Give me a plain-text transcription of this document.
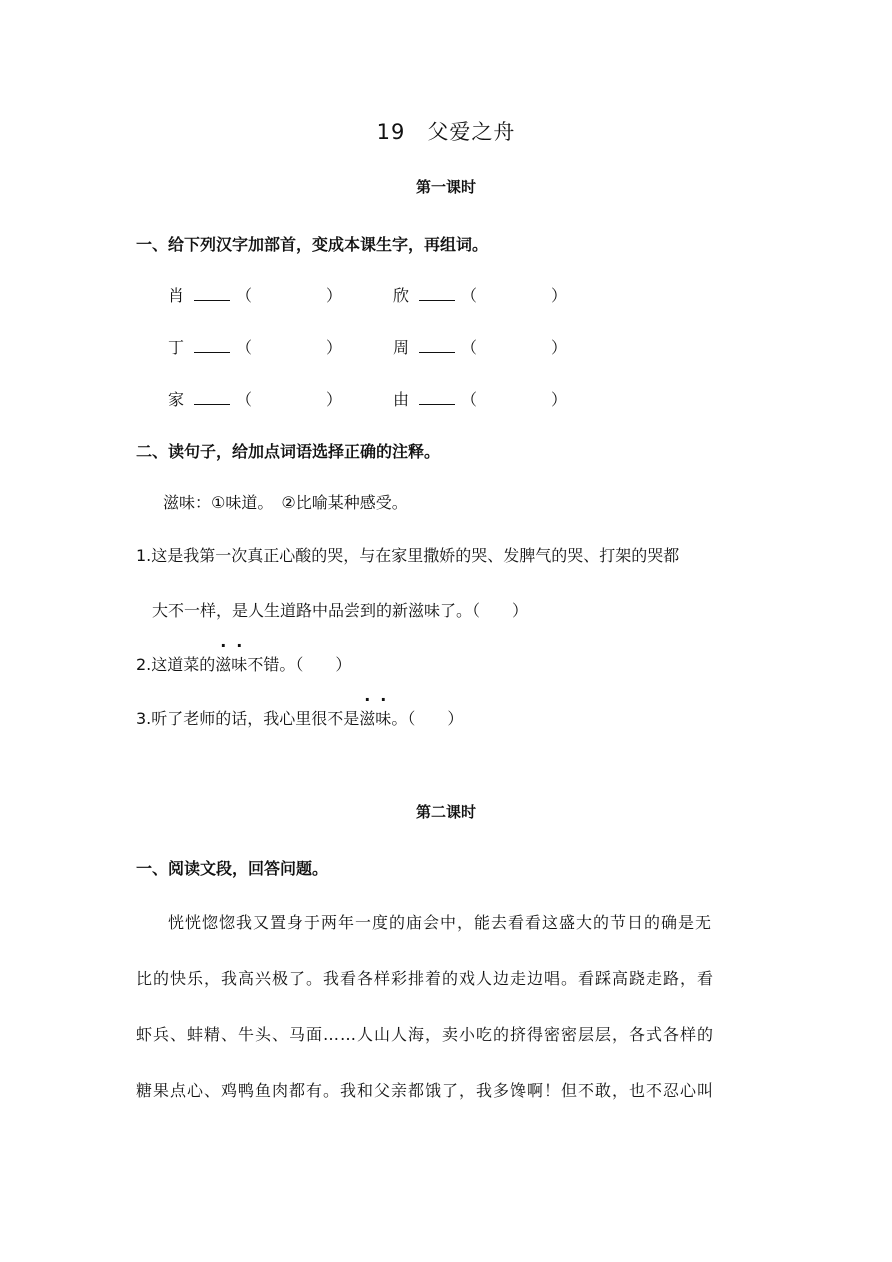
19　父爱之舟
第一课时
一、给下列汉字加部首，变成本课生字，再组词。
肖	（	）	欣	（	）
丁	（	）	周	（	）
家	（	）	由	（	）
二、读句子，给加点词语选择正确的注释。
滋味：①味道。　②比喻某种感受。
1.这是我第一次真正心酸的哭，与在家里撒娇的哭、发脾气的哭、打架的哭都
大不一样，是人生道路中品尝到的新滋味了。（　　）
2.这道菜的滋味不错。（　　）
3.听了老师的话，我心里很不是滋味。（　　）
第二课时
一、阅读文段，回答问题。
恍恍惚惚我又置身于两年一度的庙会中，能去看看这盛大的节日的确是无
比的快乐，我高兴极了。我看各样彩排着的戏人边走边唱。看踩高跷走路，看
虾兵、蚌精、牛头、马面……人山人海，卖小吃的挤得密密层层，各式各样的
糖果点心、鸡鸭鱼肉都有。我和父亲都饿了，我多馋啊！但不敢，也不忍心叫
